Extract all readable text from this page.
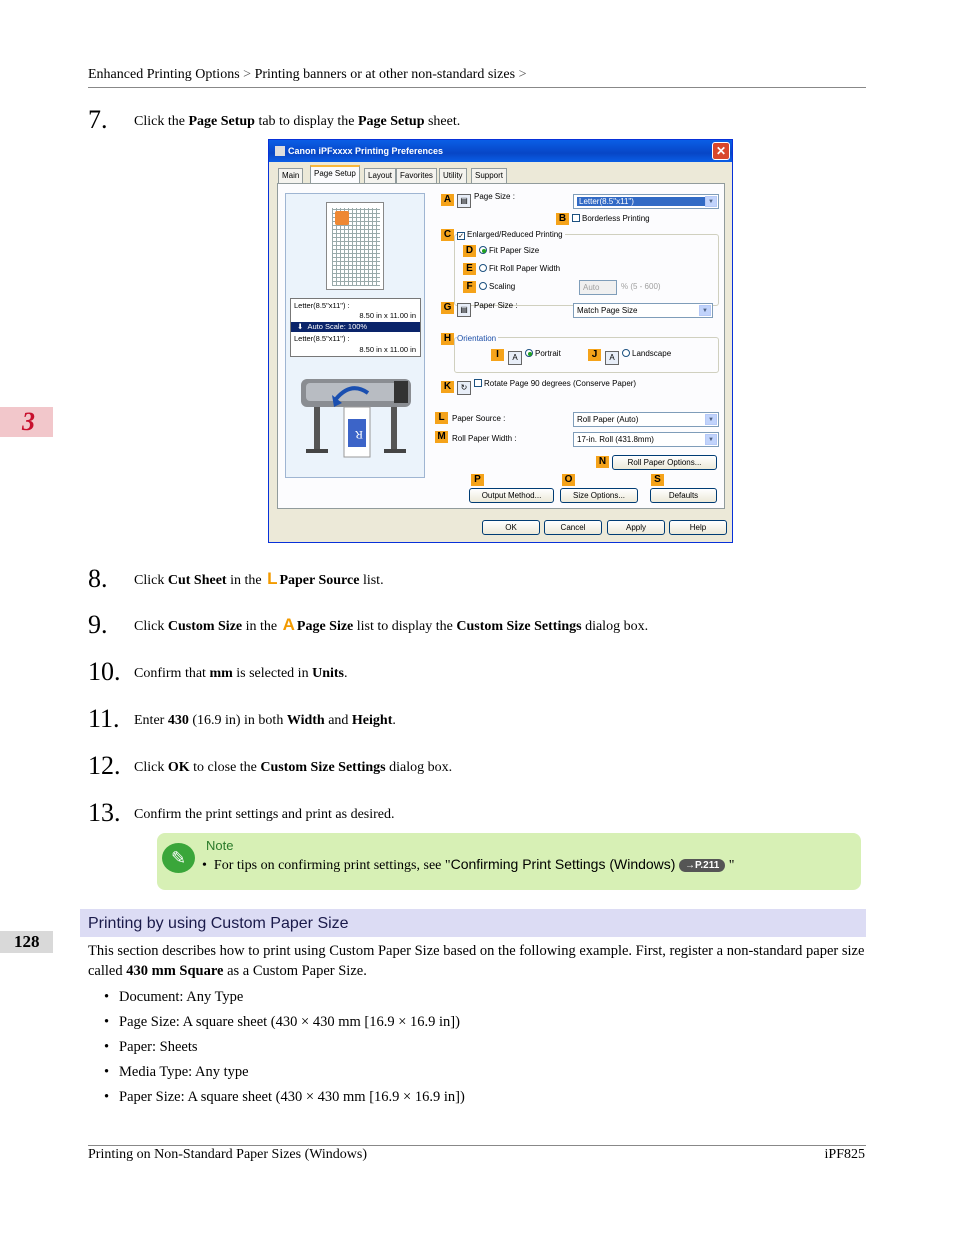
Enhanced Printing Options > Printing banners or at other non-standard sizes >
3
7. Click the Page Setup tab to display the Page Setup sheet.
Canon iPFxxxx Printing Preferences	✕
Main	Page Setup	Layout Favorites	Utility	Support
Letter(8.5"x11") :
8.50 in x 11.00 in
⬇ Auto Scale: 100%
Letter(8.5"x11") :
8.50 in x 11.00 in
R
A	▤ Page Size :
Letter(8.5"x11")	▼
B	Borderless Printing
C ✓ Enlarged/Reduced Printing
D	Fit Paper Size
E	Fit Roll Paper Width
F	Scaling	Auto	% (5 - 600)
G	▤ Paper Size :
Match Page Size	▼
H Orientation
I	A Portrait	J	A Landscape
K	↻ Rotate Page 90 degrees (Conserve Paper)
L Paper Source :	Roll Paper (Auto)	▼
M Roll Paper Width :	17-in. Roll (431.8mm)	▼
N	Roll Paper Options...
P	O	S
Output Method...	Size Options...	Defaults
OK	Cancel	Apply	Help
8. Click Cut Sheet in the L Paper Source list.
9. Click Custom Size in the A Page Size list to display the Custom Size Settings dialog box.
10. Confirm that mm is selected in Units.
11. Enter 430 (16.9 in) in both Width and Height.
12. Click OK to close the Custom Size Settings dialog box.
13. Confirm the print settings and print as desired.
✎
Note
• For tips on confirming print settings, see "Confirming Print Settings (Windows) →P.211 "
Printing by using Custom Paper Size
128	This section describes how to print using Custom Paper Size based on the following example. First, register a non-standard paper size called 430 mm Square as a Custom Paper Size.
• Document: Any Type
• Page Size: A square sheet (430 × 430 mm [16.9 × 16.9 in])
• Paper: Sheets
• Media Type: Any type
• Paper Size: A square sheet (430 × 430 mm [16.9 × 16.9 in])
Printing on Non-Standard Paper Sizes (Windows)	iPF825
